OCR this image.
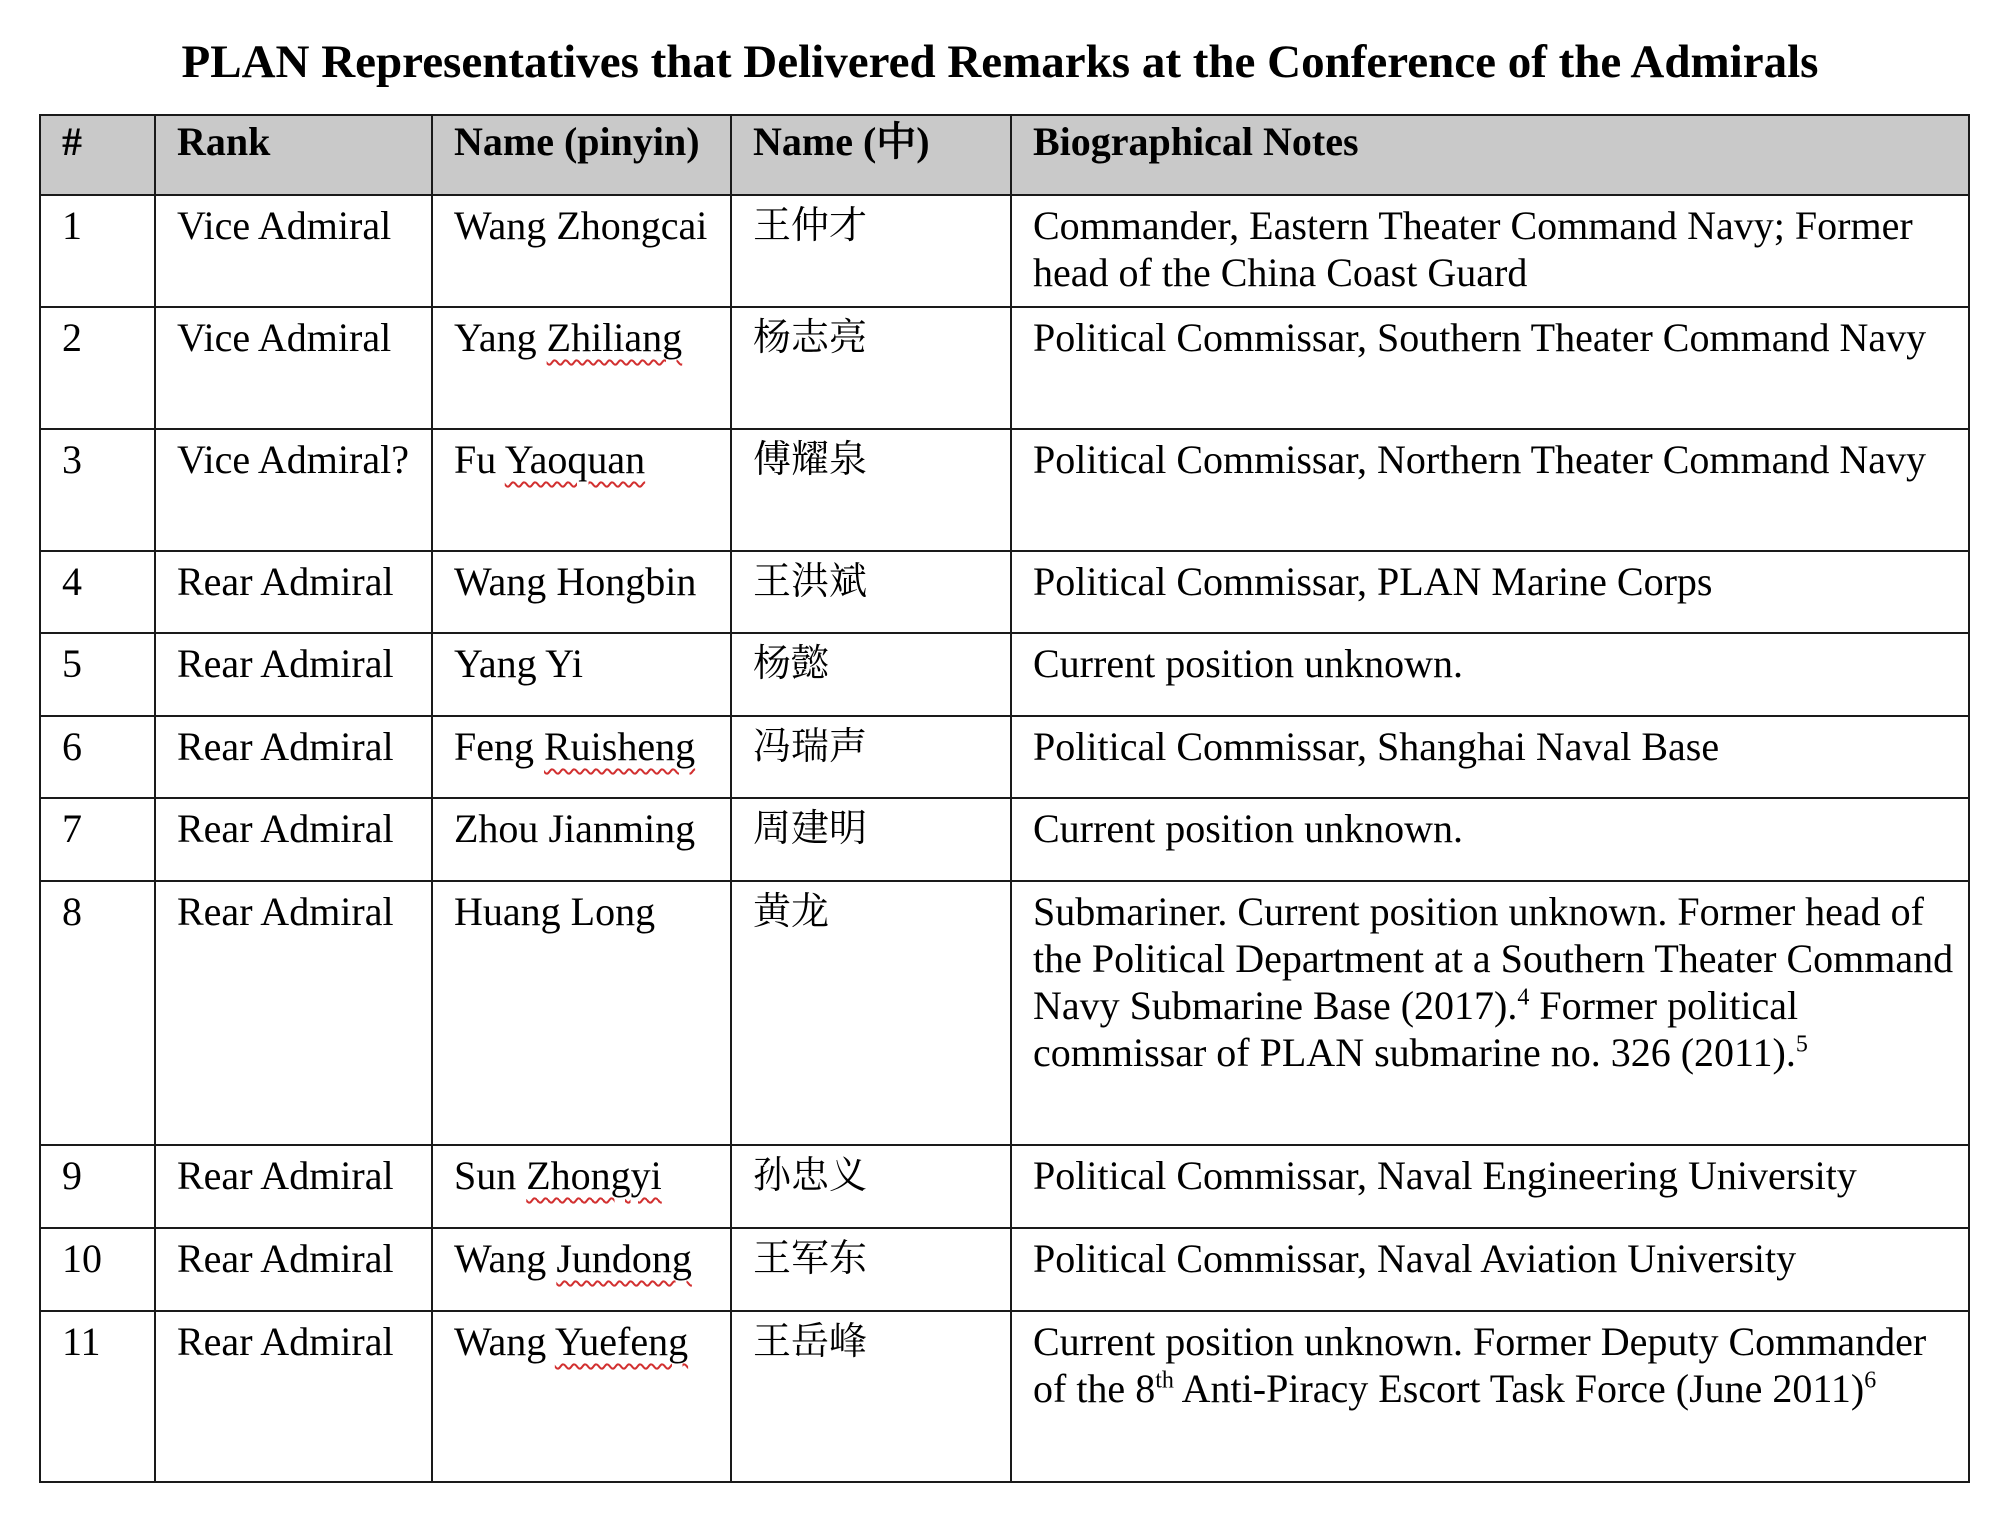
PLAN Representatives that Delivered Remarks at the Conference of the Admirals
#	Rank	Name (pinyin)	Name (中)	Biographical Notes
1	Vice Admiral	Wang Zhongcai	王仲才	Commander, Eastern Theater Command Navy; Former head of the China Coast Guard
2	Vice Admiral	Yang Zhiliang	杨志亮	Political Commissar, Southern Theater Command Navy
3	Vice Admiral?	Fu Yaoquan	傅耀泉	Political Commissar, Northern Theater Command Navy
4	Rear Admiral	Wang Hongbin	王洪斌	Political Commissar, PLAN Marine Corps
5	Rear Admiral	Yang Yi	杨懿	Current position unknown.
6	Rear Admiral	Feng Ruisheng	冯瑞声	Political Commissar, Shanghai Naval Base
7	Rear Admiral	Zhou Jianming	周建明	Current position unknown.
8	Rear Admiral	Huang Long	黄龙	Submariner. Current position unknown. Former head of the Political Department at a Southern Theater Command Navy Submarine Base (2017).$^4$ Former political commissar of PLAN submarine no. 326 (2011).$^5$
9	Rear Admiral	Sun Zhongyi	孙忠义	Political Commissar, Naval Engineering University
10	Rear Admiral	Wang Jundong	王军东	Political Commissar, Naval Aviation University
11	Rear Admiral	Wang Yuefeng	王岳峰	Current position unknown. Former Deputy Commander of the 8th Anti-Piracy Escort Task Force (June 2011)$^6$
